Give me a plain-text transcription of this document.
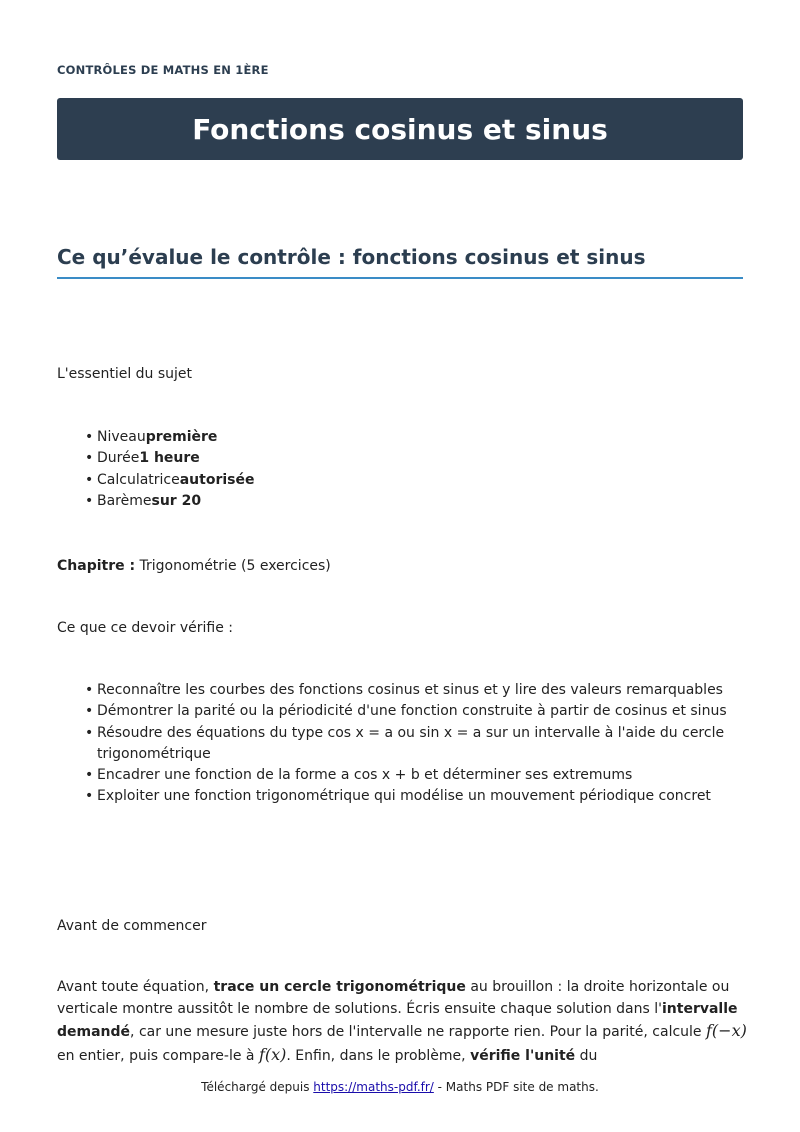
CONTRÔLES DE MATHS EN 1ÈRE
Fonctions cosinus et sinus
Ce qu’évalue le contrôle : fonctions cosinus et sinus
L'essentiel du sujet
• Niveaupremière
• Durée1 heure
• Calculatriceautorisée
• Barèmesur 20
Chapitre : Trigonométrie (5 exercices)
Ce que ce devoir vérifie :
• Reconnaître les courbes des fonctions cosinus et sinus et y lire des valeurs remarquables
• Démontrer la parité ou la périodicité d'une fonction construite à partir de cosinus et sinus
• Résoudre des équations du type cos x = a ou sin x = a sur un intervalle à l'aide du cercle trigonométrique
• Encadrer une fonction de la forme a cos x + b et déterminer ses extremums
• Exploiter une fonction trigonométrique qui modélise un mouvement périodique concret
Avant de commencer
Avant toute équation, trace un cercle trigonométrique au brouillon : la droite horizontale ou verticale montre aussitôt le nombre de solutions. Écris ensuite chaque solution dans l'intervalle demandé, car une mesure juste hors de l'intervalle ne rapporte rien. Pour la parité, calcule f(−x) en entier, puis compare-le à f(x). Enfin, dans le problème, vérifie l'unité du
Téléchargé depuis https://maths-pdf.fr/ - Maths PDF site de maths.
